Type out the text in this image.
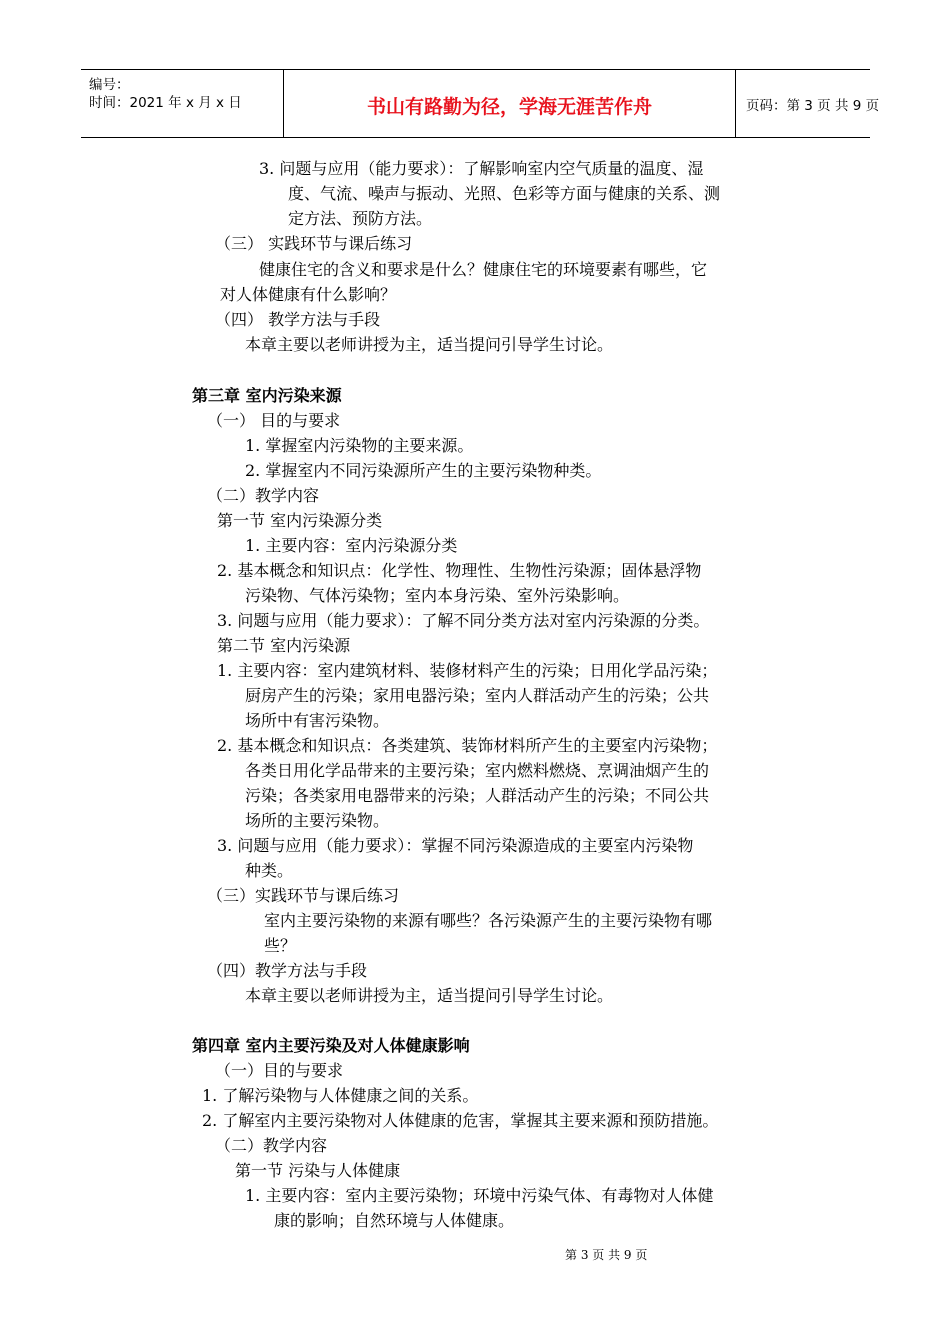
编号：
时间：2021 年 x 月 x 日	书山有路勤为径，学海无涯苦作舟	页码：第 3 页 共 9 页
3. 问题与应用（能力要求）：了解影响室内空气质量的温度、湿
度、气流、噪声与振动、光照、色彩等方面与健康的关系、测
定方法、预防方法。
（三） 实践环节与课后练习
健康住宅的含义和要求是什么？健康住宅的环境要素有哪些，它
对人体健康有什么影响？
（四） 教学方法与手段
本章主要以老师讲授为主，适当提问引导学生讨论。
第三章 室内污染来源
（一） 目的与要求
1. 掌握室内污染物的主要来源。
2. 掌握室内不同污染源所产生的主要污染物种类。
（二）教学内容
第一节 室内污染源分类
1. 主要内容：室内污染源分类
2. 基本概念和知识点：化学性、物理性、生物性污染源；固体悬浮物
污染物、气体污染物；室内本身污染、室外污染影响。
3. 问题与应用（能力要求）：了解不同分类方法对室内污染源的分类。
第二节 室内污染源
1. 主要内容：室内建筑材料、装修材料产生的污染；日用化学品污染；
厨房产生的污染；家用电器污染；室内人群活动产生的污染；公共
场所中有害污染物。
2. 基本概念和知识点：各类建筑、装饰材料所产生的主要室内污染物；
各类日用化学品带来的主要污染；室内燃料燃烧、烹调油烟产生的
污染；各类家用电器带来的污染；人群活动产生的污染；不同公共
场所的主要污染物。
3. 问题与应用（能力要求）：掌握不同污染源造成的主要室内污染物
种类。
（三）实践环节与课后练习
室内主要污染物的来源有哪些？各污染源产生的主要污染物有哪
些？
（四）教学方法与手段
本章主要以老师讲授为主，适当提问引导学生讨论。
第四章 室内主要污染及对人体健康影响
（一）目的与要求
1. 了解污染物与人体健康之间的关系。
2. 了解室内主要污染物对人体健康的危害，掌握其主要来源和预防措施。
（二）教学内容
第一节 污染与人体健康
1. 主要内容：室内主要污染物；环境中污染气体、有毒物对人体健
康的影响；自然环境与人体健康。
第 3 页 共 9 页
